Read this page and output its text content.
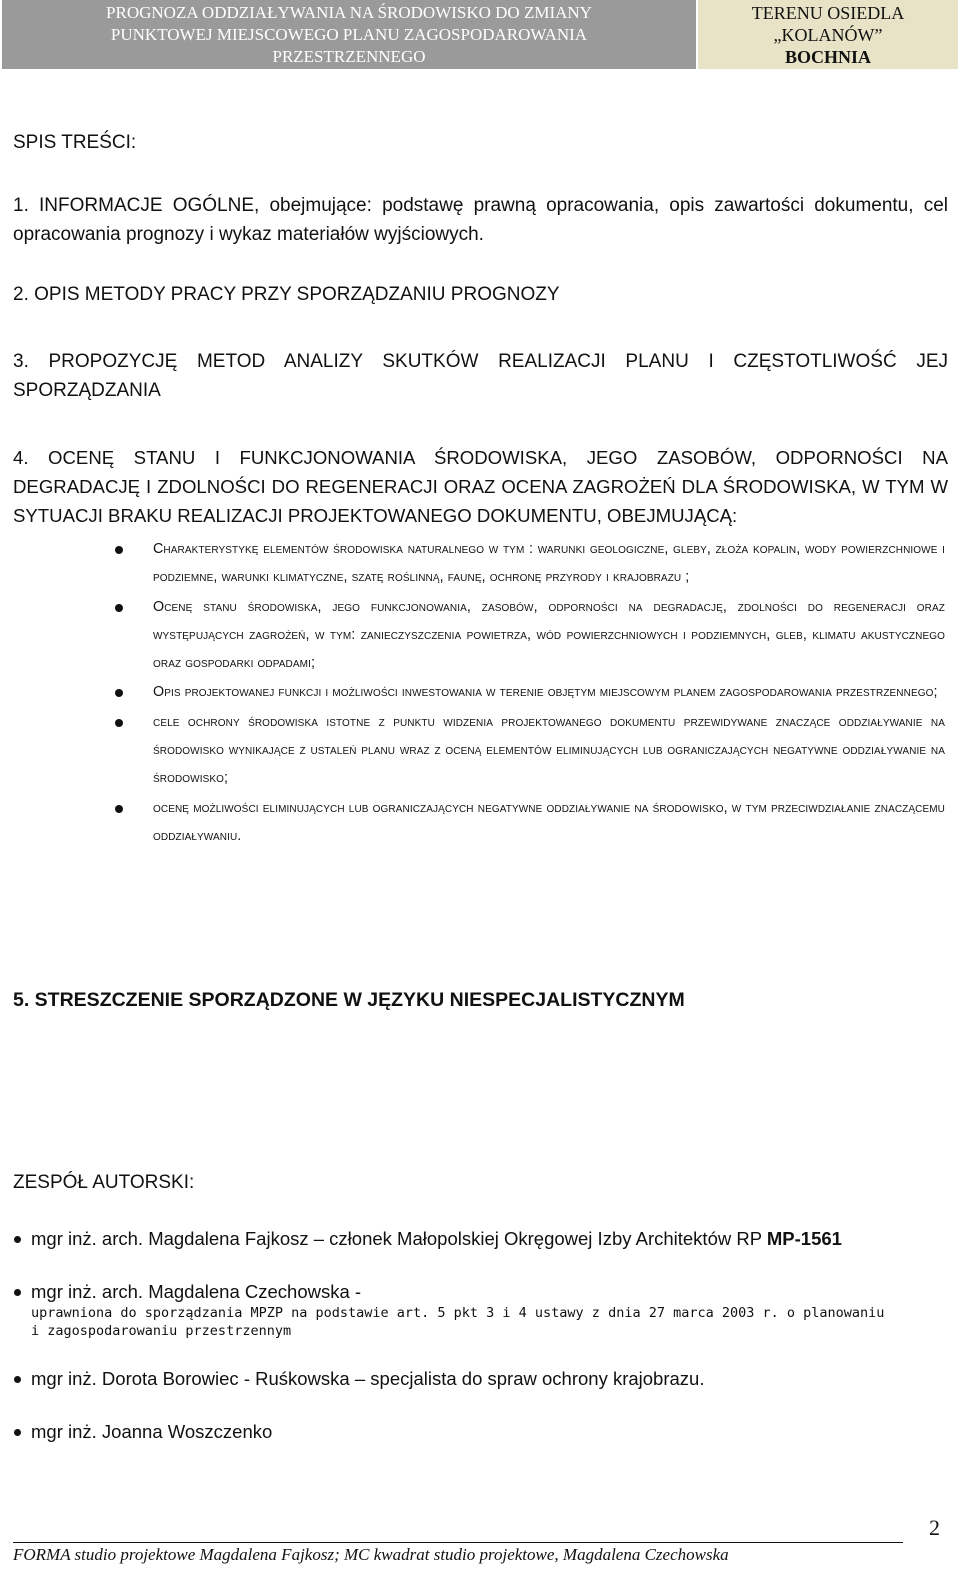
PROGNOZA ODDZIAŁYWANIA NA ŚRODOWISKO DO ZMIANY
PUNKTOWEJ MIEJSCOWEGO PLANU ZAGOSPODAROWANIA
PRZESTRZENNEGO
TERENU OSIEDLA
„KOLANÓW”
BOCHNIA
SPIS TREŚCI:
1. INFORMACJE OGÓLNE, obejmujące: podstawę prawną opracowania, opis zawartości dokumentu, cel opracowania prognozy i wykaz materiałów wyjściowych.
2. OPIS METODY PRACY PRZY SPORZĄDZANIU PROGNOZY
3. PROPOZYCJĘ METOD ANALIZY SKUTKÓW REALIZACJI PLANU I CZĘSTOTLIWOŚĆ JEJ SPORZĄDZANIA
4. OCENĘ STANU I FUNKCJONOWANIA ŚRODOWISKA, JEGO ZASOBÓW, ODPORNOŚCI NA DEGRADACJĘ I ZDOLNOŚCI DO REGENERACJI ORAZ OCENA ZAGROŻEŃ DLA ŚRODOWISKA, W TYM W SYTUACJI BRAKU REALIZACJI PROJEKTOWANEGO DOKUMENTU, OBEJMUJĄCĄ:
Charakterystykę elementów środowiska naturalnego w tym : warunki geologiczne, gleby, złoża kopalin, wody powierzchniowe i podziemne, warunki klimatyczne, szatę roślinną, faunę, ochronę przyrody i krajobrazu ;
Ocenę stanu środowiska, jego funkcjonowania, zasobów, odporności na degradację, zdolności do regeneracji oraz występujących zagrożeń, w tym: zanieczyszczenia powietrza, wód powierzchniowych i podziemnych, gleb, klimatu akustycznego oraz gospodarki odpadami;
Opis projektowanej funkcji i możliwości inwestowania w terenie objętym miejscowym planem zagospodarowania przestrzennego;
cele ochrony środowiska istotne z punktu widzenia projektowanego dokumentu przewidywane znaczące oddziaływanie na środowisko wynikające z ustaleń planu wraz z oceną elementów eliminujących lub ograniczających negatywne oddziaływanie na środowisko;
ocenę możliwości eliminujących lub ograniczających negatywne oddziaływanie na środowisko, w tym przeciwdziałanie znaczącemu oddziaływaniu.
5. STRESZCZENIE SPORZĄDZONE W JĘZYKU NIESPECJALISTYCZNYM
ZESPÓŁ AUTORSKI:
mgr inż. arch. Magdalena Fajkosz – członek Małopolskiej Okręgowej Izby Architektów RP MP-1561
mgr inż. arch. Magdalena Czechowska -
mgr inż. Dorota Borowiec - Ruśkowska – specjalista do spraw ochrony krajobrazu.
mgr inż. Joanna Woszczenko
uprawniona do sporządzania MPZP na podstawie art. 5 pkt 3 i 4 ustawy z dnia 27 marca 2003 r. o planowaniu
i zagospodarowaniu przestrzennym
2
FORMA studio projektowe Magdalena Fajkosz; MC kwadrat studio projektowe, Magdalena Czechowska
